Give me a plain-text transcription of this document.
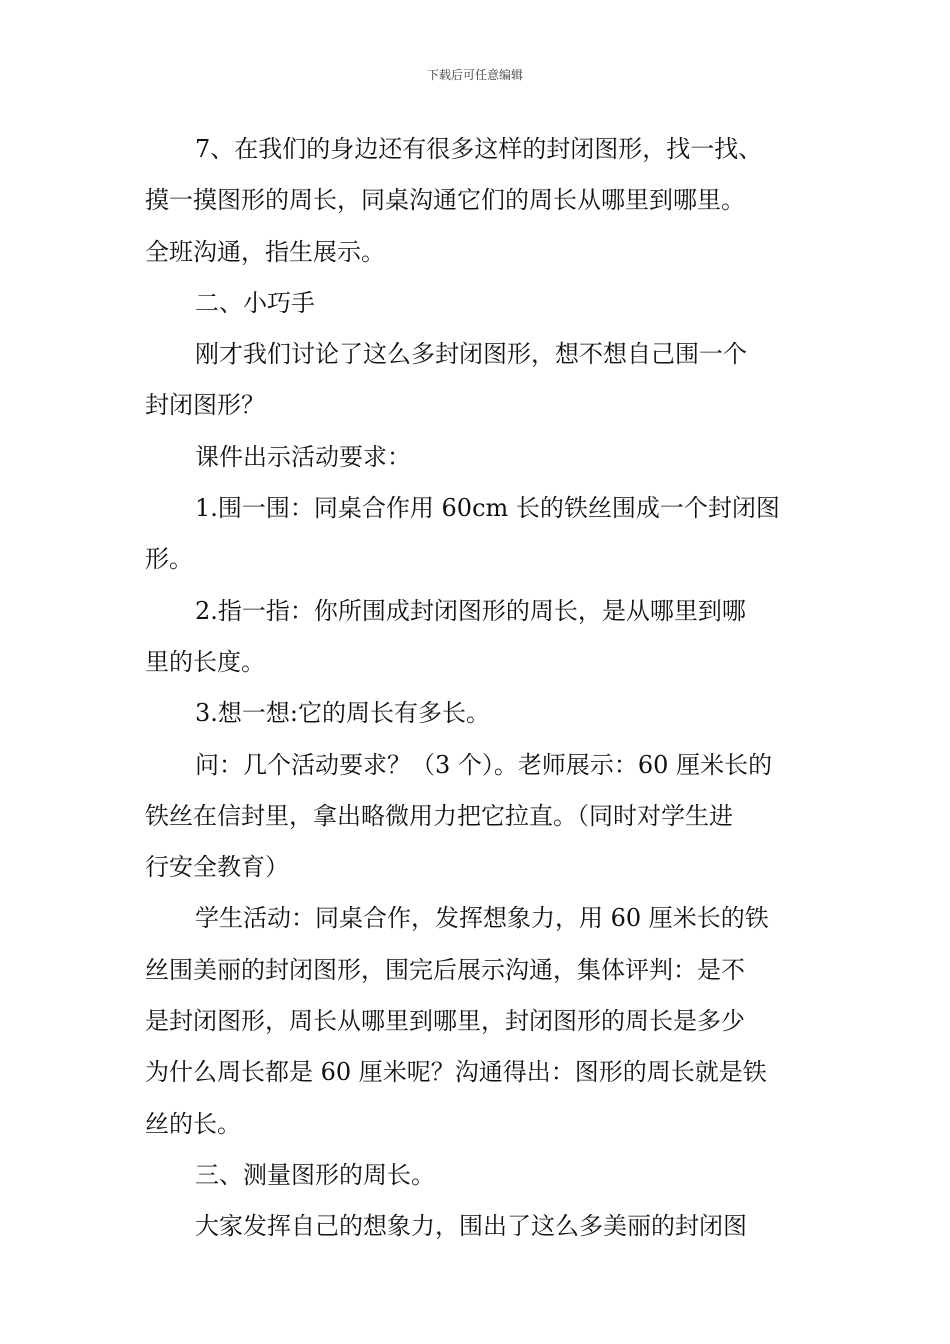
下载后可任意编辑
7、在我们的身边还有很多这样的封闭图形，找一找、
摸一摸图形的周长，同桌沟通它们的周长从哪里到哪里。
全班沟通，指生展示。
二、小巧手
刚才我们讨论了这么多封闭图形，想不想自己围一个
封闭图形？
课件出示活动要求：
1.围一围：同桌合作用 60cm 长的铁丝围成一个封闭图
形。
2.指一指：你所围成封闭图形的周长，是从哪里到哪
里的长度。
3.想一想:它的周长有多长。
问：几个活动要求？（3 个）。老师展示：60 厘米长的
铁丝在信封里，拿出略微用力把它拉直。（同时对学生进
行安全教育）
学生活动：同桌合作，发挥想象力，用 60 厘米长的铁
丝围美丽的封闭图形，围完后展示沟通，集体评判：是不
是封闭图形，周长从哪里到哪里，封闭图形的周长是多少
为什么周长都是 60 厘米呢？沟通得出：图形的周长就是铁
丝的长。
三、测量图形的周长。
大家发挥自己的想象力，围出了这么多美丽的封闭图
